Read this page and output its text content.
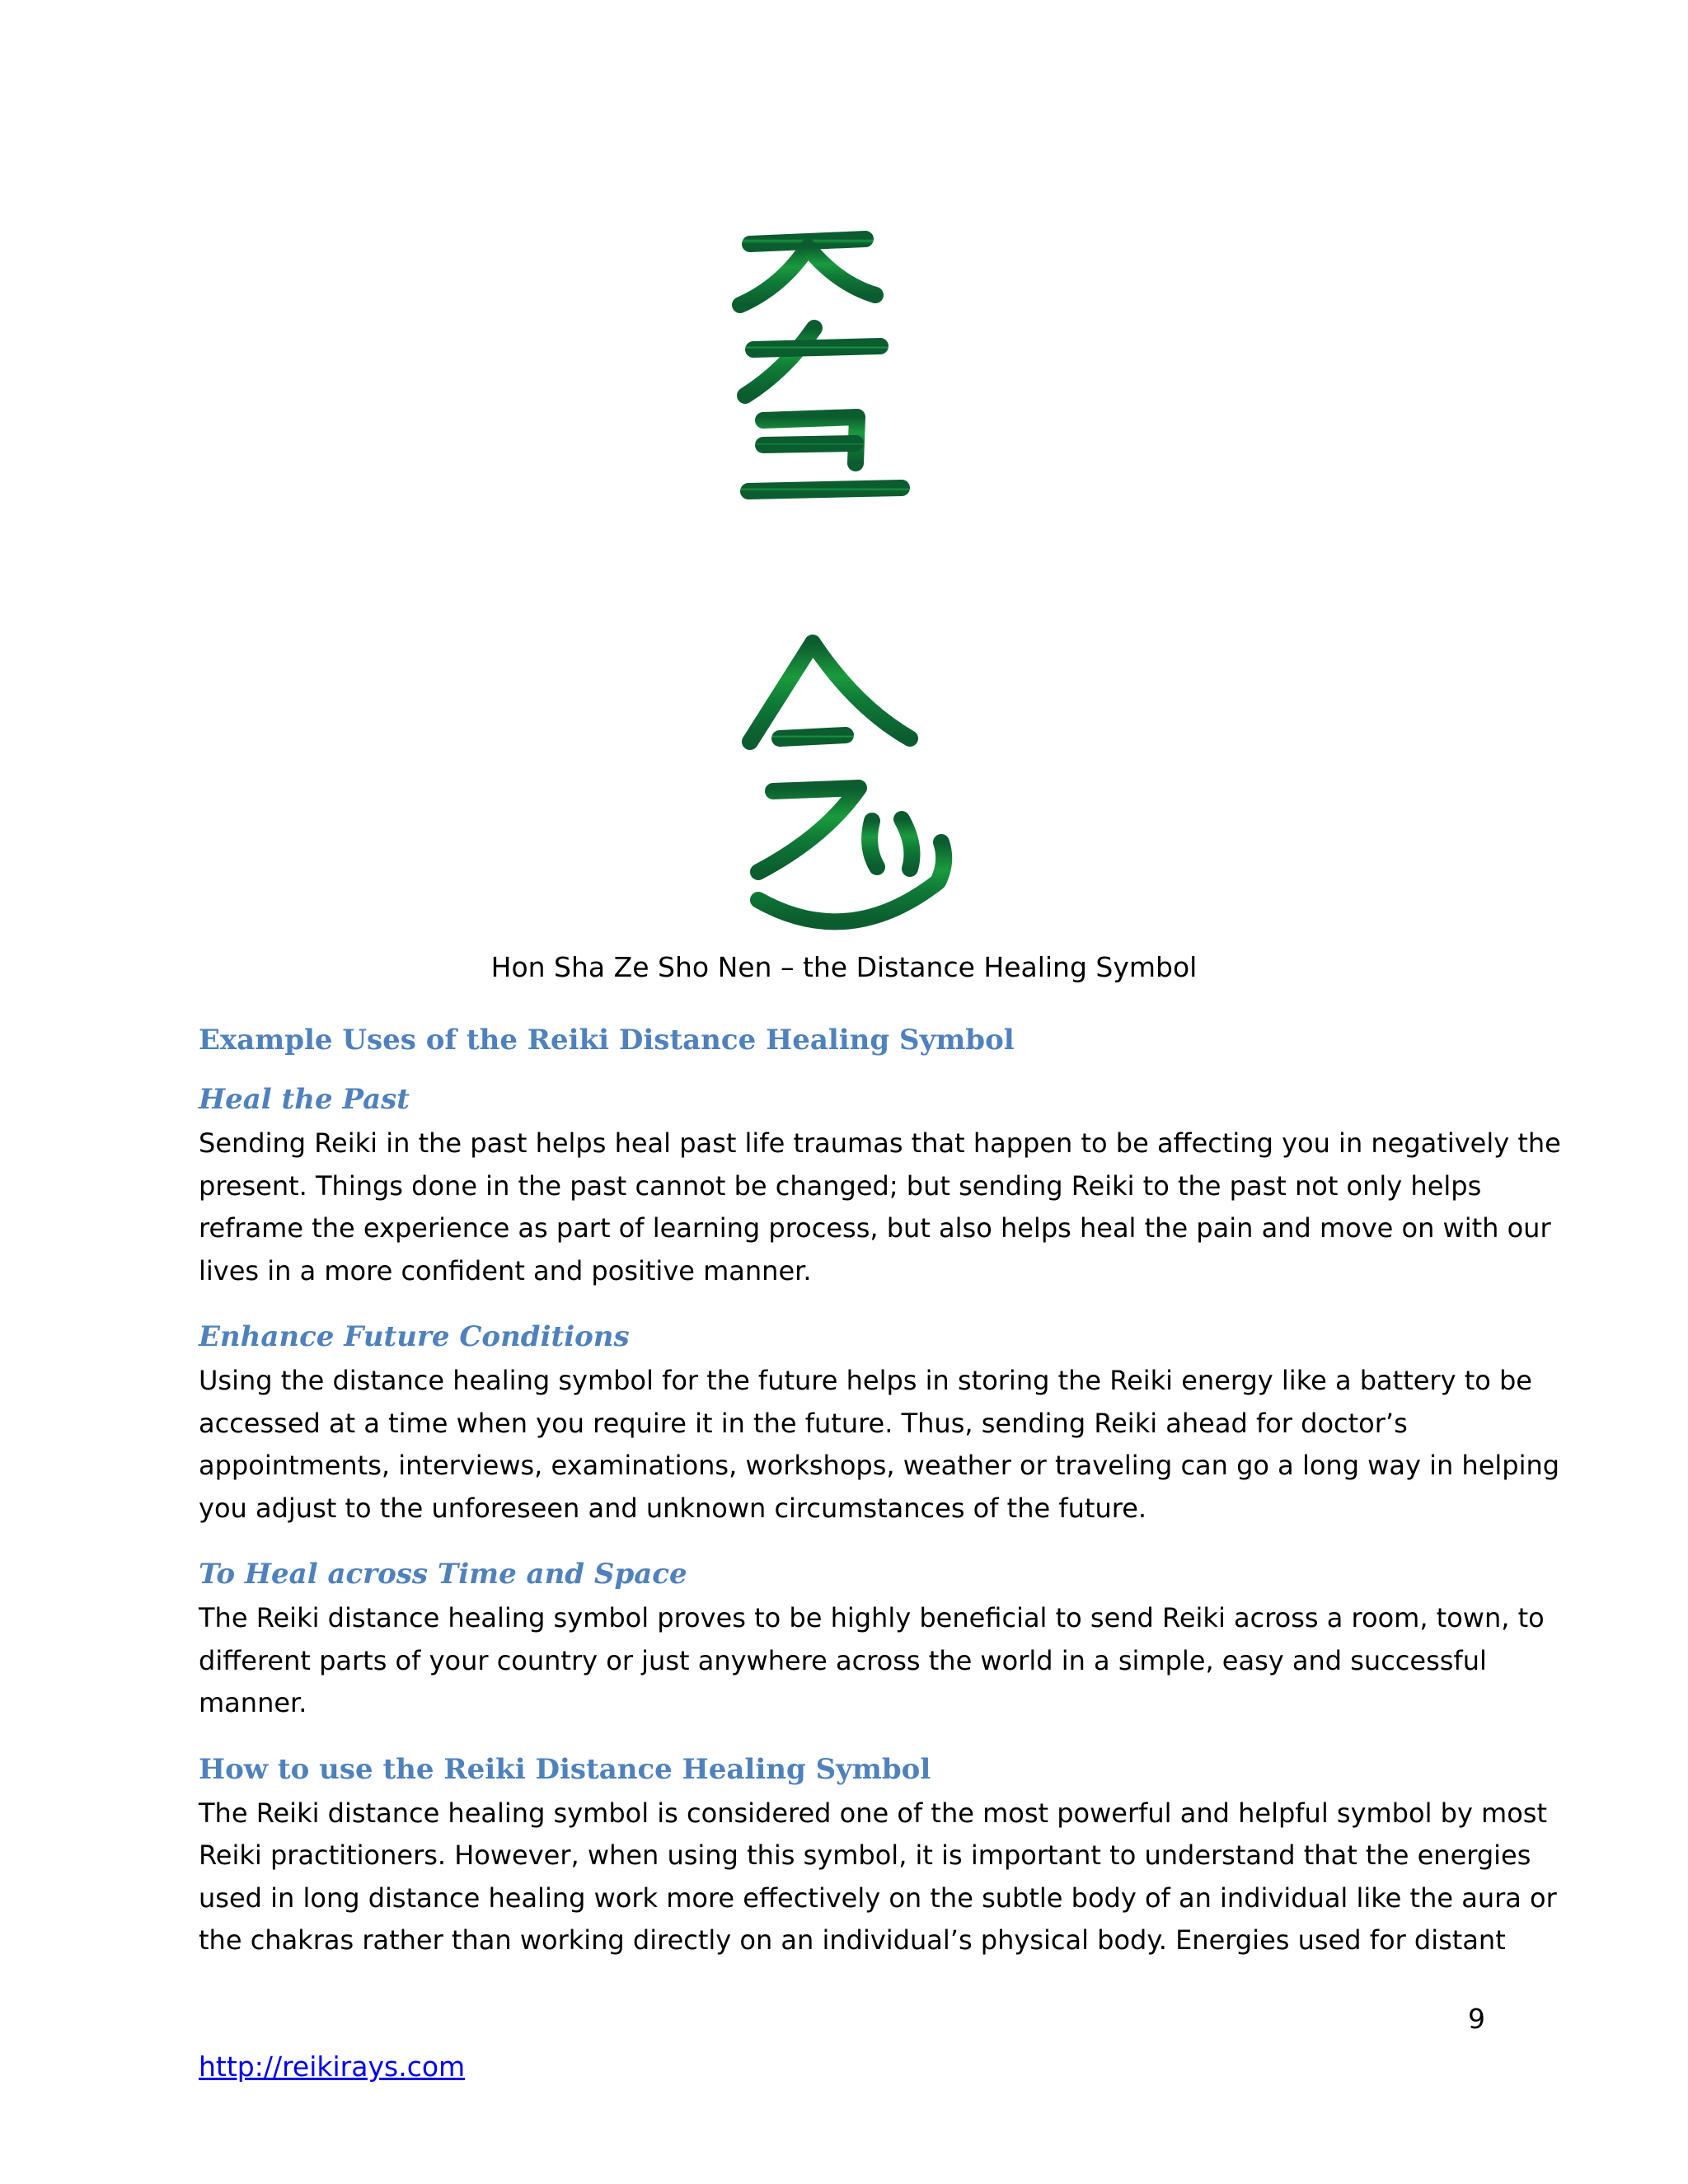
Hon Sha Ze Sho Nen – the Distance Healing Symbol
Example Uses of the Reiki Distance Healing Symbol
Heal the Past

Sending Reiki in the past helps heal past life traumas that happen to be affecting you in negatively the
present. Things done in the past cannot be changed; but sending Reiki to the past not only helps
reframe the experience as part of learning process, but also helps heal the pain and move on with our
lives in a more confident and positive manner.

Enhance Future Conditions

Using the distance healing symbol for the future helps in storing the Reiki energy like a battery to be
accessed at a time when you require it in the future. Thus, sending Reiki ahead for doctor’s
appointments, interviews, examinations, workshops, weather or traveling can go a long way in helping
you adjust to the unforeseen and unknown circumstances of the future.

To Heal across Time and Space

The Reiki distance healing symbol proves to be highly beneficial to send Reiki across a room, town, to
different parts of your country or just anywhere across the world in a simple, easy and successful
manner.

How to use the Reiki Distance Healing Symbol

The Reiki distance healing symbol is considered one of the most powerful and helpful symbol by most
Reiki practitioners. However, when using this symbol, it is important to understand that the energies
used in long distance healing work more effectively on the subtle body of an individual like the aura or
the chakras rather than working directly on an individual’s physical body. Energies used for distant

9
http://reikirays.com
